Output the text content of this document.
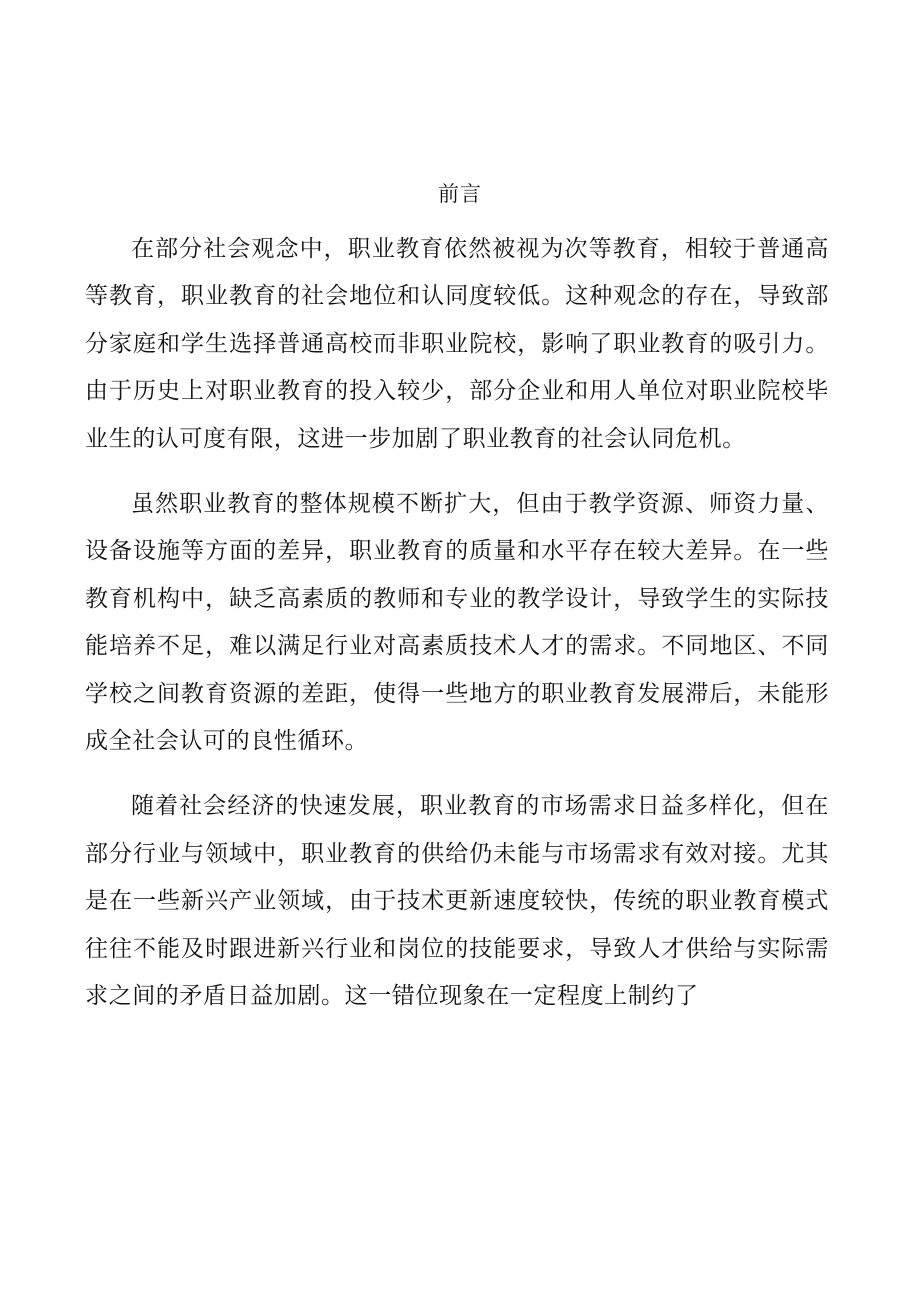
前言

在部分社会观念中，职业教育依然被视为次等教育，相较于普通高等教育，职业教育的社会地位和认同度较低。这种观念的存在，导致部分家庭和学生选择普通高校而非职业院校，影响了职业教育的吸引力。由于历史上对职业教育的投入较少，部分企业和用人单位对职业院校毕业生的认可度有限，这进一步加剧了职业教育的社会认同危机。

虽然职业教育的整体规模不断扩大，但由于教学资源、师资力量、设备设施等方面的差异，职业教育的质量和水平存在较大差异。在一些教育机构中，缺乏高素质的教师和专业的教学设计，导致学生的实际技能培养不足，难以满足行业对高素质技术人才的需求。不同地区、不同学校之间教育资源的差距，使得一些地方的职业教育发展滞后，未能形成全社会认可的良性循环。

随着社会经济的快速发展，职业教育的市场需求日益多样化，但在部分行业与领域中，职业教育的供给仍未能与市场需求有效对接。尤其是在一些新兴产业领域，由于技术更新速度较快，传统的职业教育模式往往不能及时跟进新兴行业和岗位的技能要求，导致人才供给与实际需求之间的矛盾日益加剧。这一错位现象在一定程度上制约了
